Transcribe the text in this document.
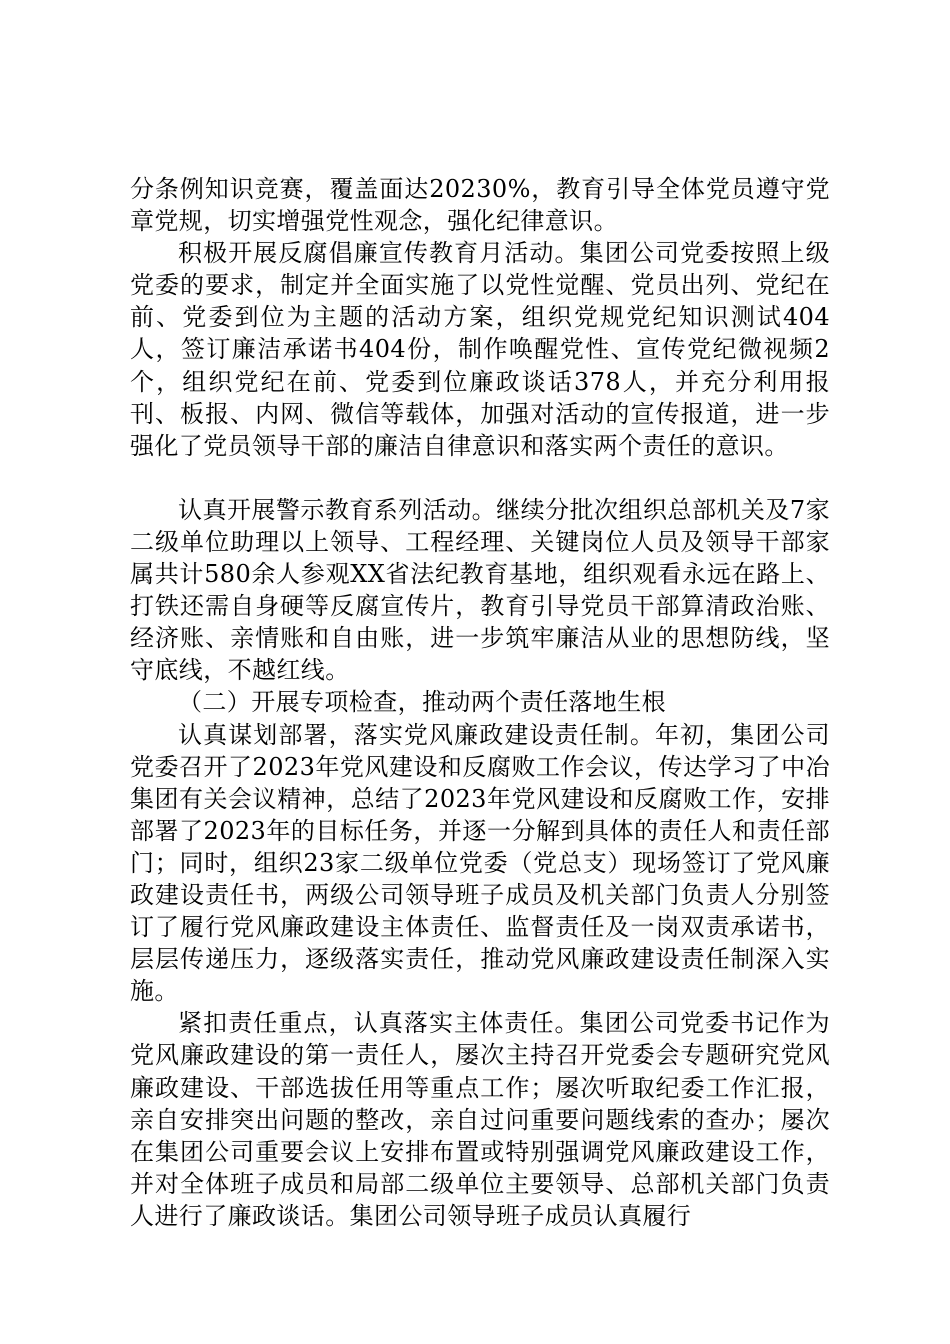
分条例知识竞赛，覆盖面达20230%，教育引导全体党员遵守党章党规，切实增强党性观念，强化纪律意识。

积极开展反腐倡廉宣传教育月活动。集团公司党委按照上级党委的要求，制定并全面实施了以党性觉醒、党员出列、党纪在前、党委到位为主题的活动方案，组织党规党纪知识测试404人，签订廉洁承诺书404份，制作唤醒党性、宣传党纪微视频2个，组织党纪在前、党委到位廉政谈话378人，并充分利用报刊、板报、内网、微信等载体，加强对活动的宣传报道，进一步强化了党员领导干部的廉洁自律意识和落实两个责任的意识。

认真开展警示教育系列活动。继续分批次组织总部机关及7家二级单位助理以上领导、工程经理、关键岗位人员及领导干部家属共计580余人参观XX省法纪教育基地，组织观看永远在路上、打铁还需自身硬等反腐宣传片，教育引导党员干部算清政治账、经济账、亲情账和自由账，进一步筑牢廉洁从业的思想防线，坚守底线，不越红线。

（二）开展专项检查，推动两个责任落地生根

认真谋划部署，落实党风廉政建设责任制。年初，集团公司党委召开了2023年党风建设和反腐败工作会议，传达学习了中冶集团有关会议精神，总结了2023年党风建设和反腐败工作，安排部署了2023年的目标任务，并逐一分解到具体的责任人和责任部门；同时，组织23家二级单位党委（党总支）现场签订了党风廉政建设责任书，两级公司领导班子成员及机关部门负责人分别签订了履行党风廉政建设主体责任、监督责任及一岗双责承诺书，层层传递压力，逐级落实责任，推动党风廉政建设责任制深入实施。

紧扣责任重点，认真落实主体责任。集团公司党委书记作为党风廉政建设的第一责任人，屡次主持召开党委会专题研究党风廉政建设、干部选拔任用等重点工作；屡次听取纪委工作汇报，亲自安排突出问题的整改，亲自过问重要问题线索的查办；屡次在集团公司重要会议上安排布置或特别强调党风廉政建设工作，并对全体班子成员和局部二级单位主要领导、总部机关部门负责人进行了廉政谈话。集团公司领导班子成员认真履行
